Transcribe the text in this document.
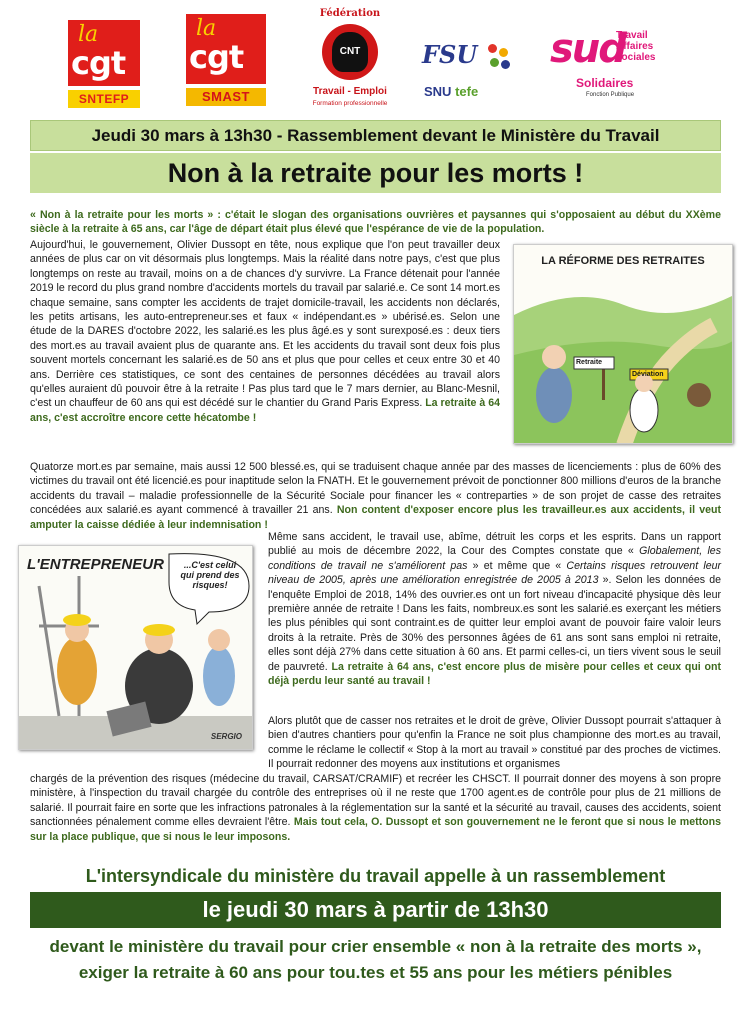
la
cgt
SNTEFP
la
cgt
SMAST
Fédération
CNT
Travail - Emploi
Formation professionnelle
FSU
SNU tefe
sud
Travail Affaires sociales
Solidaires
Fonction Publique
Jeudi 30 mars à 13h30 - Rassemblement devant le Ministère du Travail
Non à la retraite pour les morts !
« Non à la retraite pour les morts » : c'était le slogan des organisations ouvrières et paysannes qui s'opposaient au début du XXème siècle à la retraite à 65 ans, car l'âge de départ était plus élevé que l'espérance de vie de la population.
Aujourd'hui, le gouvernement, Olivier Dussopt en tête, nous explique que l'on peut travailler deux années de plus car on vit désormais plus longtemps. Mais la réalité dans notre pays, c'est que plus longtemps on reste au travail, moins on a de chances d'y survivre. La France détenait pour l'année 2019 le record du plus grand nombre d'accidents mortels du travail par salarié.e. Ce sont 14 mort.es chaque semaine, sans compter les accidents de trajet domicile-travail, les accidents non déclarés, les petits artisans, les auto-entrepreneur.ses et faux « indépendant.es » ubérisé.es. Selon une étude de la DARES d'octobre 2022, les salarié.es les plus âgé.es y sont surexposé.es : deux tiers des mort.es au travail avaient plus de quarante ans. Et les accidents du travail sont deux fois plus souvent mortels concernant les salarié.es de 50 ans et plus que pour celles et ceux entre 30 et 40 ans. Derrière ces statistiques, ce sont des centaines de personnes décédées au travail alors qu'elles auraient dû pouvoir être à la retraite ! Pas plus tard que le 7 mars dernier, au Blanc-Mesnil, c'est un chauffeur de 60 ans qui est décédé sur le chantier du Grand Paris Express. La retraite à 64 ans, c'est accroître encore cette hécatombe !
LA RÉFORME DES RETRAITES
Retraite
Déviation
Quatorze mort.es par semaine, mais aussi 12 500 blessé.es, qui se traduisent chaque année par des masses de licenciements : plus de 60% des victimes du travail ont été licencié.es pour inaptitude selon la FNATH. Et le gouvernement prévoit de ponctionner 800 millions d'euros de la branche accidents du travail – maladie professionnelle de la Sécurité Sociale pour financer les « contreparties » de son projet de casse des retraites concédées aux salarié.es ayant commencé à travailler 21 ans. Non content d'exposer encore plus les travailleur.es aux accidents, il veut amputer la caisse dédiée à leur indemnisation !
L'ENTREPRENEUR	...C'est celui qui prend des risques!
SERGIO
Même sans accident, le travail use, abîme, détruit les corps et les esprits. Dans un rapport publié au mois de décembre 2022, la Cour des Comptes constate que « Globalement, les conditions de travail ne s'améliorent pas » et même que « Certains risques retrouvent leur niveau de 2005, après une amélioration enregistrée de 2005 à 2013 ». Selon les données de l'enquête Emploi de 2018, 14% des ouvrier.es ont un fort niveau d'incapacité physique dès leur première année de retraite ! Dans les faits, nombreux.es sont les salarié.es exerçant les métiers les plus pénibles qui sont contraint.es de quitter leur emploi avant de pouvoir faire valoir leurs droits à la retraite. Près de 30% des personnes âgées de 61 ans sont sans emploi ni retraite, elles sont déjà 27% dans cette situation à 60 ans. Et parmi celles-ci, un tiers vivent sous le seuil de pauvreté. La retraite à 64 ans, c'est encore plus de misère pour celles et ceux qui ont déjà perdu leur santé au travail !
Alors plutôt que de casser nos retraites et le droit de grève, Olivier Dussopt pourrait s'attaquer à bien d'autres chantiers pour qu'enfin la France ne soit plus championne des mort.es au travail, comme le réclame le collectif « Stop à la mort au travail » constitué par des proches de victimes. Il pourrait redonner des moyens aux institutions et organismes
chargés de la prévention des risques (médecine du travail, CARSAT/CRAMIF) et recréer les CHSCT. Il pourrait donner des moyens à son propre ministère, à l'inspection du travail chargée du contrôle des entreprises où il ne reste que 1700 agent.es de contrôle pour plus de 21 millions de salarié. Il pourrait faire en sorte que les infractions patronales à la réglementation sur la santé et la sécurité au travail, causes des accidents, soient sanctionnées pénalement comme elles devraient l'être. Mais tout cela, O. Dussopt et son gouvernement ne le feront que si nous le mettons sur la place publique, que si nous le leur imposons.
L'intersyndicale du ministère du travail appelle à un rassemblement
le jeudi 30 mars à partir de 13h30
devant le ministère du travail pour crier ensemble « non à la retraite des morts », exiger la retraite à 60 ans pour tou.tes et 55 ans pour les métiers pénibles
